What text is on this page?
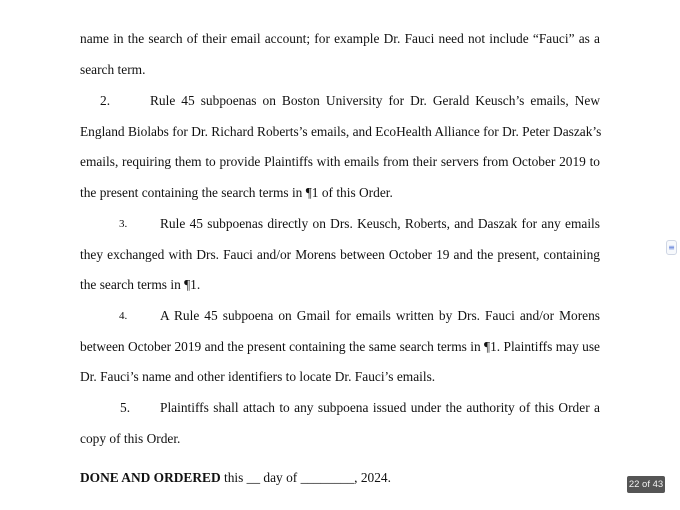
name in the search of their email account; for example Dr. Fauci need not include “Fauci” as a
search term.
2.	Rule 45 subpoenas on Boston University for Dr. Gerald Keusch’s emails, New
England Biolabs for Dr. Richard Roberts’s emails, and EcoHealth Alliance for Dr. Peter Daszak’s
emails, requiring them to provide Plaintiffs with emails from their servers from October 2019 to
the present containing the search terms in ¶1 of this Order.
3. Rule 45 subpoenas directly on Drs. Keusch, Roberts, and Daszak for any emails
they exchanged with Drs. Fauci and/or Morens between October 19 and the present, containing
the search terms in ¶1.
4. A Rule 45 subpoena on Gmail for emails written by Drs. Fauci and/or Morens
between October 2019 and the present containing the same search terms in ¶1. Plaintiffs may use
Dr. Fauci’s name and other identifiers to locate Dr. Fauci’s emails.
5. Plaintiffs shall attach to any subpoena issued under the authority of this Order a
copy of this Order.
DONE AND ORDERED this __ day of ________, 2024.
≡
22 of 43
